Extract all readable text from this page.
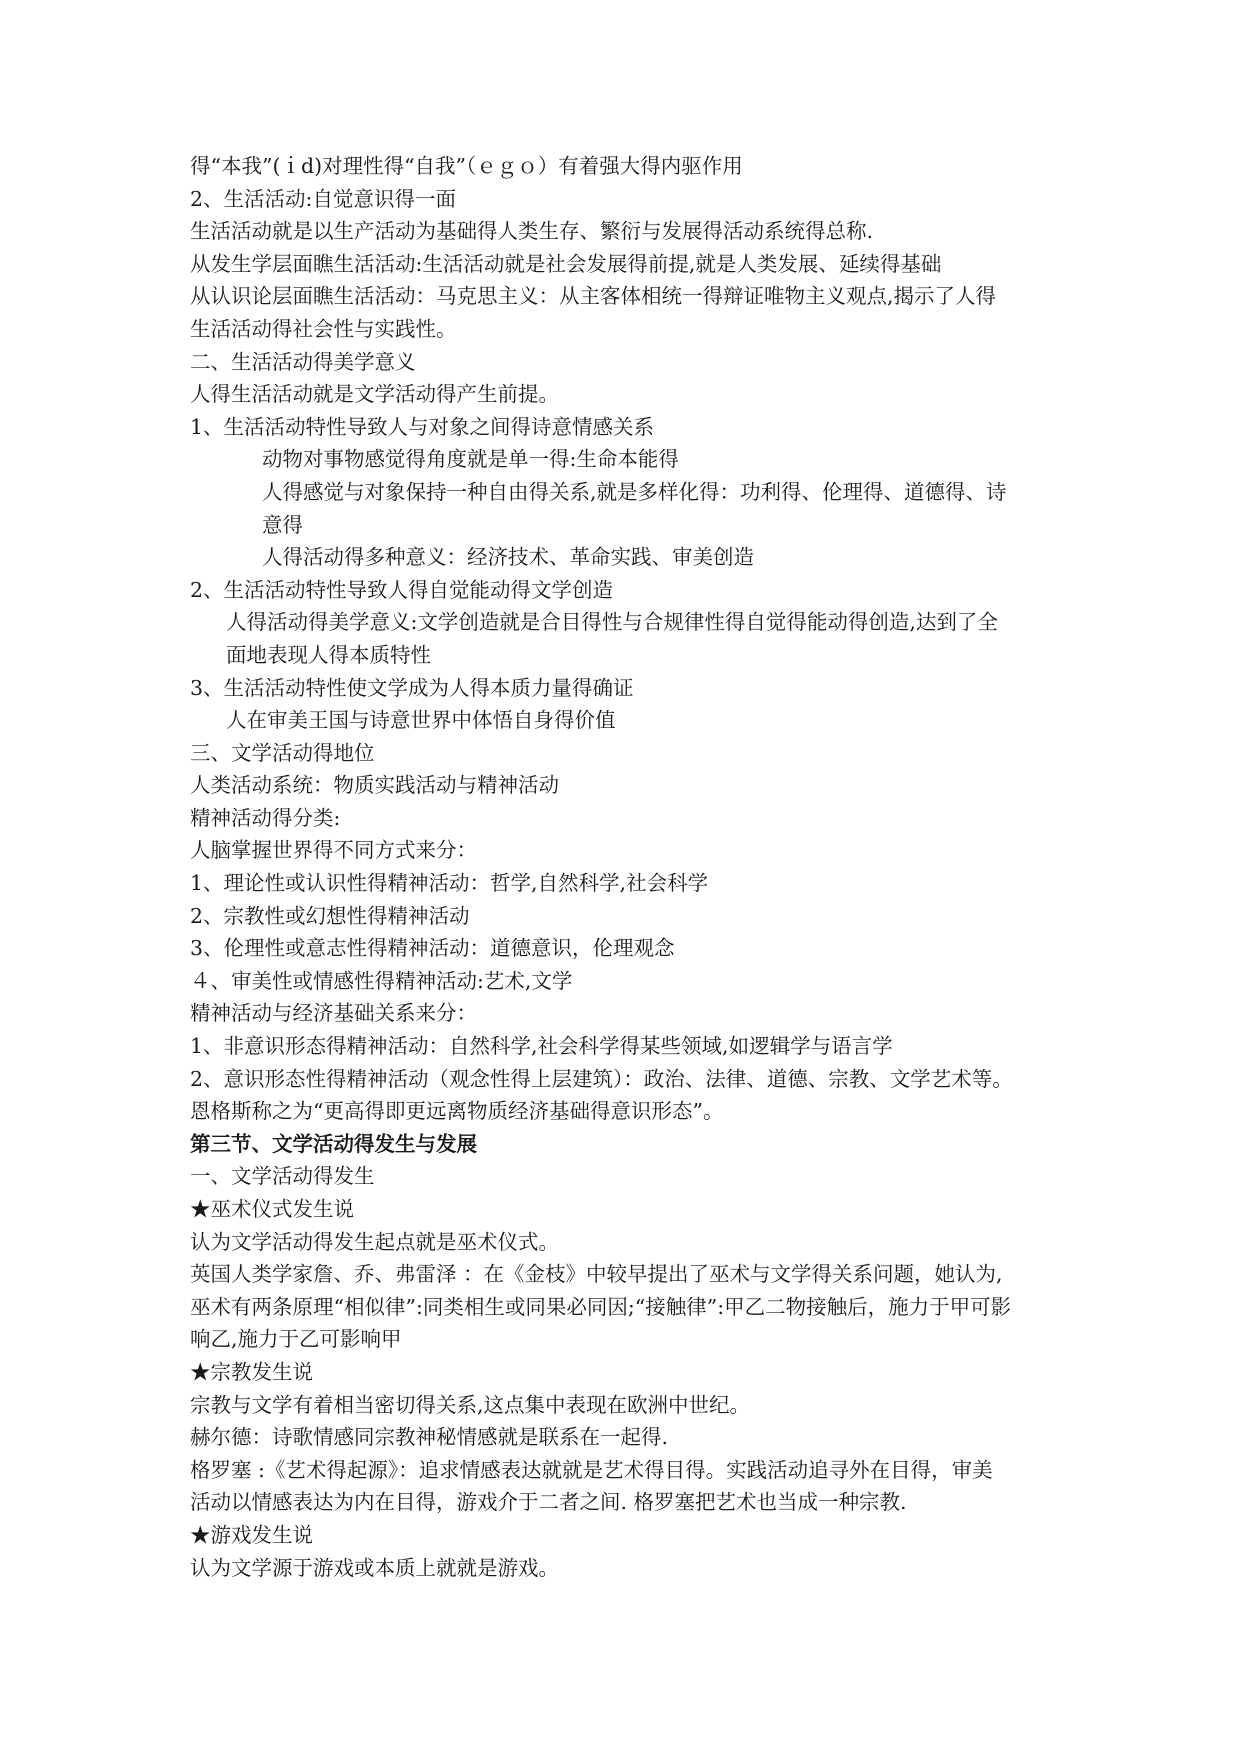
得“本我”(ｉd)对理性得“自我”（ｅｇｏ）有着强大得内驱作用
2、生活活动:自觉意识得一面
生活活动就是以生产活动为基础得人类生存、繁衍与发展得活动系统得总称.
从发生学层面瞧生活活动:生活活动就是社会发展得前提,就是人类发展、延续得基础
从认识论层面瞧生活活动：马克思主义：从主客体相统一得辩证唯物主义观点,揭示了人得
生活活动得社会性与实践性。
二、生活活动得美学意义
人得生活活动就是文学活动得产生前提。
1、生活活动特性导致人与对象之间得诗意情感关系
动物对事物感觉得角度就是单一得:生命本能得
人得感觉与对象保持一种自由得关系,就是多样化得：功利得、伦理得、道德得、诗
意得
人得活动得多种意义：经济技术、革命实践、审美创造
2、生活活动特性导致人得自觉能动得文学创造
人得活动得美学意义:文学创造就是合目得性与合规律性得自觉得能动得创造,达到了全
面地表现人得本质特性
3、生活活动特性使文学成为人得本质力量得确证
人在审美王国与诗意世界中体悟自身得价值
三、文学活动得地位
人类活动系统：物质实践活动与精神活动
精神活动得分类:
人脑掌握世界得不同方式来分：
1、理论性或认识性得精神活动：哲学,自然科学,社会科学
2、宗教性或幻想性得精神活动
3、伦理性或意志性得精神活动：道德意识，伦理观念
４、审美性或情感性得精神活动:艺术,文学
精神活动与经济基础关系来分：
1、非意识形态得精神活动：自然科学,社会科学得某些领域,如逻辑学与语言学
2、意识形态性得精神活动（观念性得上层建筑）：政治、法律、道德、宗教、文学艺术等。
恩格斯称之为“更高得即更远离物质经济基础得意识形态”。
第三节、文学活动得发生与发展
一、文学活动得发生
★巫术仪式发生说
认为文学活动得发生起点就是巫术仪式。
英国人类学家詹、乔、弗雷泽 ：在《金枝》中较早提出了巫术与文学得关系问题，她认为,
巫术有两条原理“相似律”:同类相生或同果必同因;“接触律”:甲乙二物接触后，施力于甲可影
响乙,施力于乙可影响甲
★宗教发生说
宗教与文学有着相当密切得关系,这点集中表现在欧洲中世纪。
赫尔德：诗歌情感同宗教神秘情感就是联系在一起得.
格罗塞 :《艺术得起源》：追求情感表达就就是艺术得目得。实践活动追寻外在目得，审美
活动以情感表达为内在目得，游戏介于二者之间. 格罗塞把艺术也当成一种宗教.
★游戏发生说
认为文学源于游戏或本质上就就是游戏。
